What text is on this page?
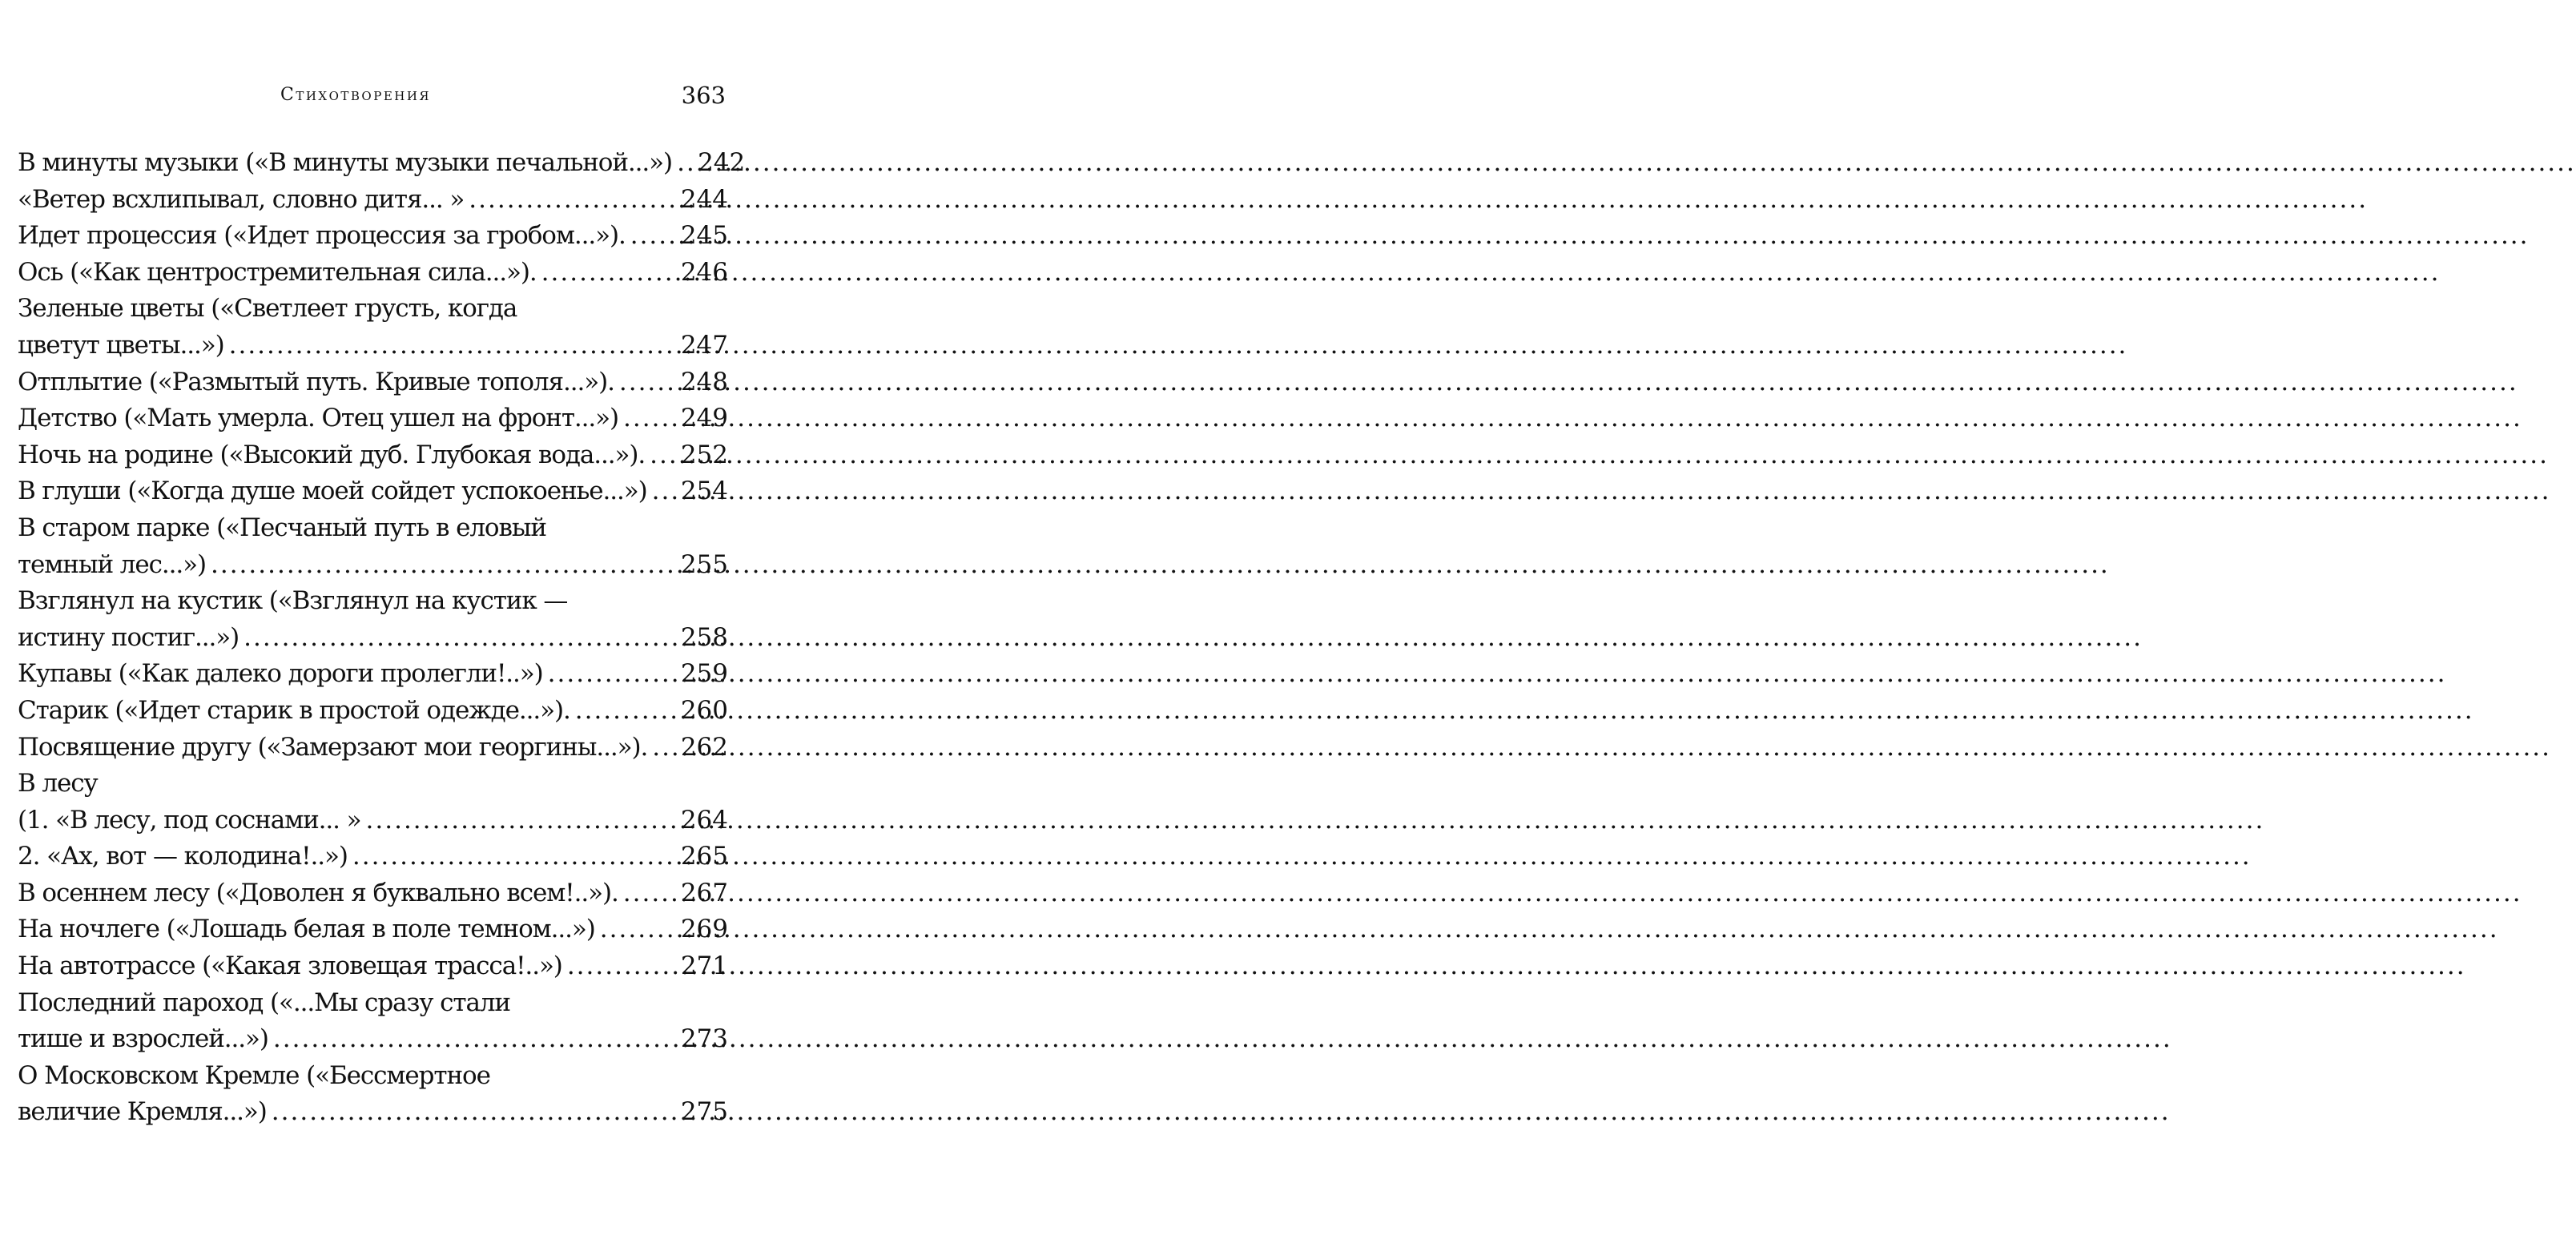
Стихотворения	363
В минуты музыки («В минуты музыки печальной...») ..... 242
«Ветер всхлипывал, словно дитя... » .....	244
Идет процессия («Идет процессия за гробом...»). ..... 245
Ось («Как центростремительная сила...»). .....	246
Зеленые цветы («Светлеет грусть, когда
цветут цветы...») .....	247
Отплытие («Размытый путь. Кривые тополя...»). .....	248
Детство («Мать умерла. Отец ушел на фронт...») .....	249
Ночь на родине («Высокий дуб. Глубокая вода...»). ..... 252
В глуши («Когда душе моей сойдет успокоенье...») ..... 254
В старом парке («Песчаный путь в еловый
темный лес...») .....	255
Взглянул на кустик («Взглянул на кустик —
истину постиг...») .....	258
Купавы («Как далеко дороги пролегли!..») .....	259
Старик («Идет старик в простой одежде...»). .....	260
Посвящение другу («Замерзают мои георгины...»). ..... 262
В лесу
(1. «В лесу, под соснами... » .....	264
2. «Ах, вот — колодина!..») .....	265
В осеннем лесу («Доволен я буквально всем!..»). .....	267
На ночлеге («Лошадь белая в поле темном...») .....	269
На автотрассе («Какая зловещая трасса!..») .....	271
Последний пароход («...Мы сразу стали
тише и взрослей...») .....	273
О Московском Кремле («Бессмертное
величие Кремля...») .....	275
